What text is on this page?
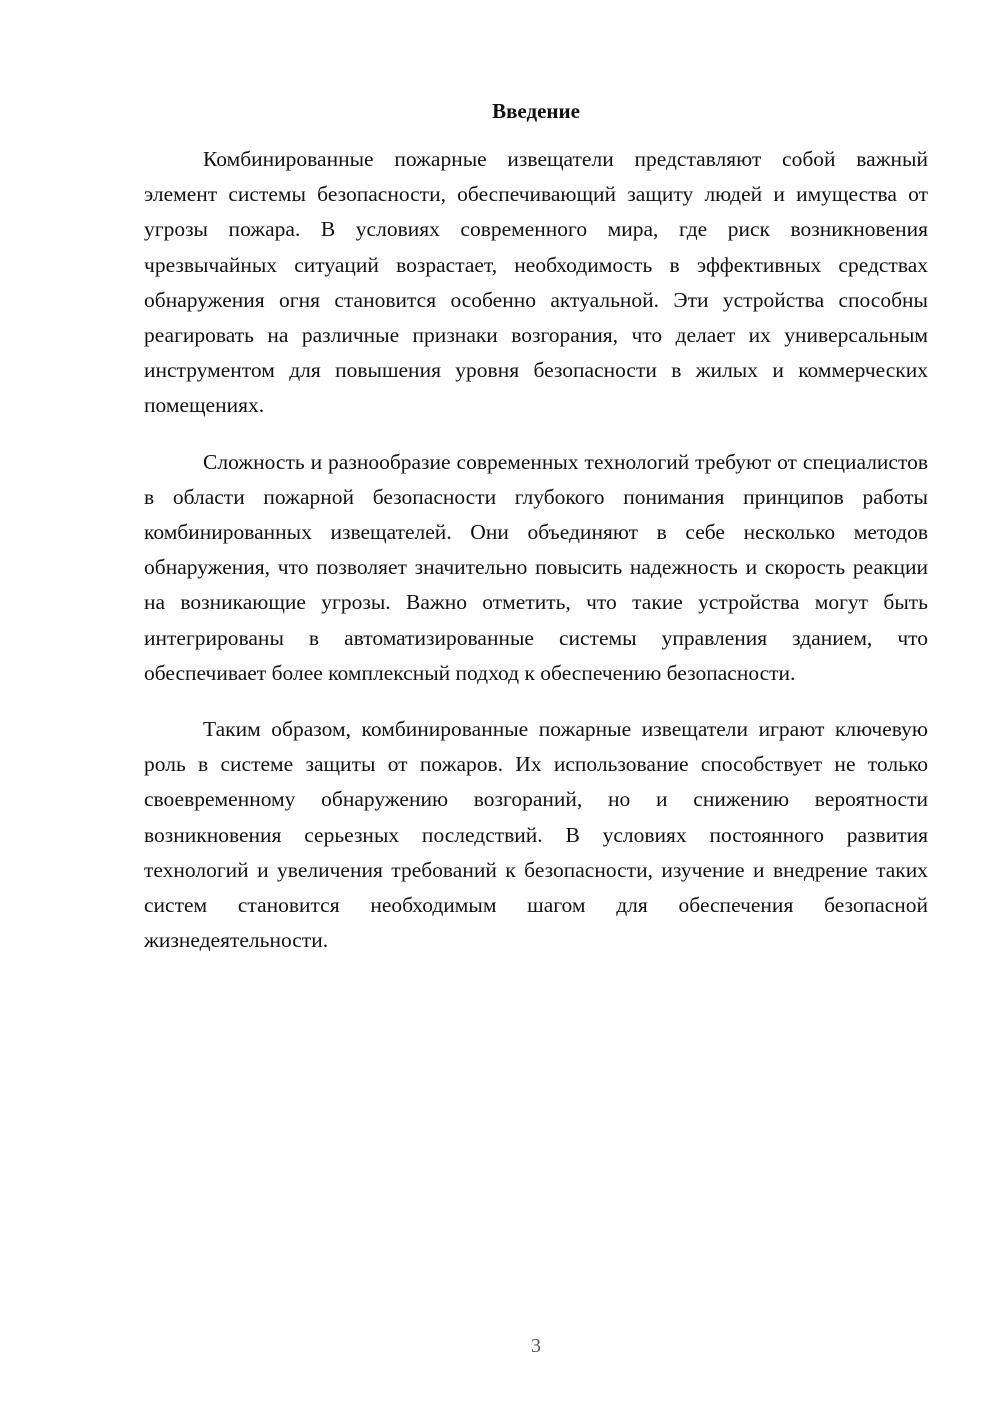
Введение

Комбинированные пожарные извещатели представляют собой важный элемент системы безопасности, обеспечивающий защиту людей и имущества от угрозы пожара. В условиях современного мира, где риск возникновения чрезвычайных ситуаций возрастает, необходимость в эффективных средствах обнаружения огня становится особенно актуальной. Эти устройства способны реагировать на различные признаки возгорания, что делает их универсальным инструментом для повышения уровня безопасности в жилых и коммерческих помещениях.

Сложность и разнообразие современных технологий требуют от специалистов в области пожарной безопасности глубокого понимания принципов работы комбинированных извещателей. Они объединяют в себе несколько методов обнаружения, что позволяет значительно повысить надежность и скорость реакции на возникающие угрозы. Важно отметить, что такие устройства могут быть интегрированы в автоматизированные системы управления зданием, что обеспечивает более комплексный подход к обеспечению безопасности.

Таким образом, комбинированные пожарные извещатели играют ключевую роль в системе защиты от пожаров. Их использование способствует не только своевременному обнаружению возгораний, но и снижению вероятности возникновения серьезных последствий. В условиях постоянного развития технологий и увеличения требований к безопасности, изучение и внедрение таких систем становится необходимым шагом для обеспечения безопасной жизнедеятельности.

3
